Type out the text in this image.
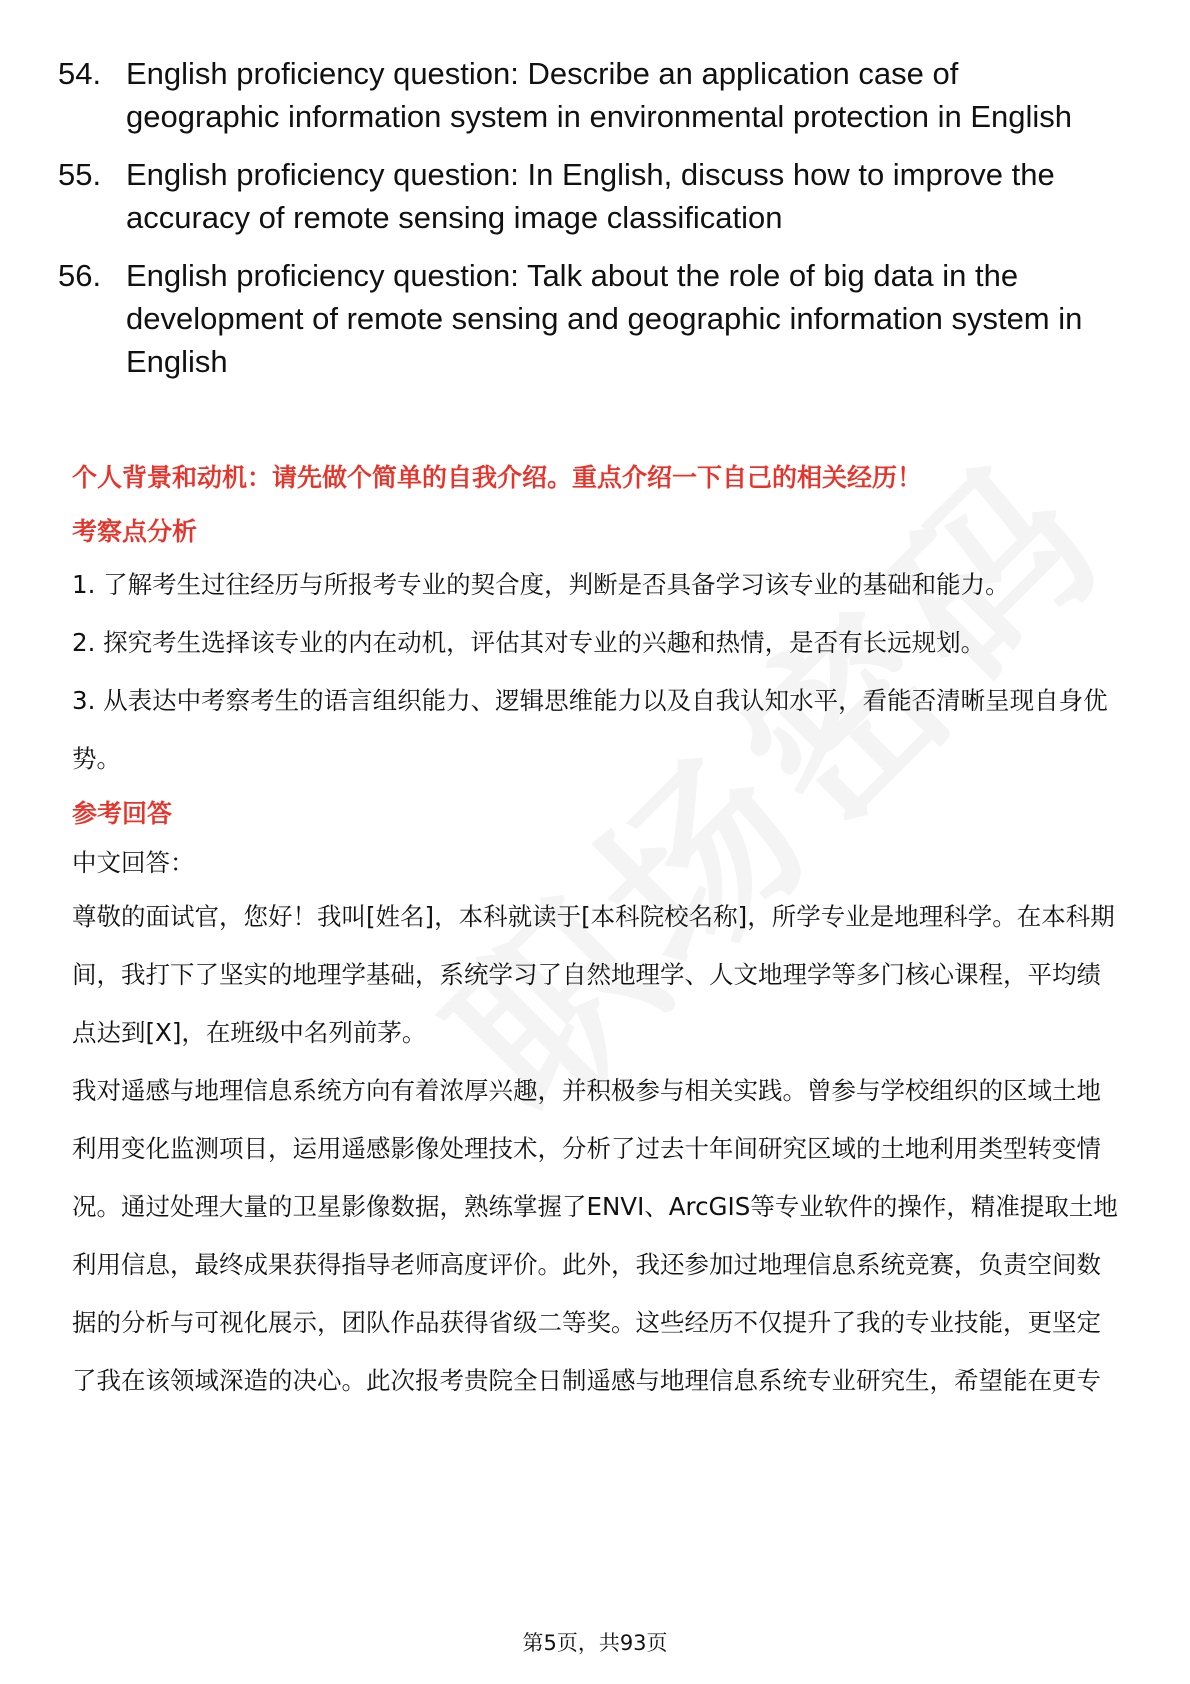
54. English proficiency question: Describe an application case of geographic information system in environmental protection in English
55. English proficiency question: In English, discuss how to improve the accuracy of remote sensing image classification
56. English proficiency question: Talk about the role of big data in the development of remote sensing and geographic information system in English
个人背景和动机：请先做个简单的自我介绍。重点介绍一下自己的相关经历！
考察点分析

1. 了解考生过往经历与所报考专业的契合度，判断是否具备学习该专业的基础和能力。

2. 探究考生选择该专业的内在动机，评估其对专业的兴趣和热情，是否有长远规划。

3. 从表达中考察考生的语言组织能力、逻辑思维能力以及自我认知水平，看能否清晰呈现自身优势。

参考回答

中文回答：

尊敬的面试官，您好！我叫[姓名]，本科就读于[本科院校名称]，所学专业是地理科学。在本科期间，我打下了坚实的地理学基础，系统学习了自然地理学、人文地理学等多门核心课程，平均绩点达到[X]，在班级中名列前茅。

我对遥感与地理信息系统方向有着浓厚兴趣，并积极参与相关实践。曾参与学校组织的区域土地利用变化监测项目，运用遥感影像处理技术，分析了过去十年间研究区域的土地利用类型转变情况。通过处理大量的卫星影像数据，熟练掌握了ENVI、ArcGIS等专业软件的操作，精准提取土地利用信息，最终成果获得指导老师高度评价。此外，我还参加过地理信息系统竞赛，负责空间数据的分析与可视化展示，团队作品获得省级二等奖。这些经历不仅提升了我的专业技能，更坚定了我在该领域深造的决心。此次报考贵院全日制遥感与地理信息系统专业研究生，希望能在更专

第5页，共93页
